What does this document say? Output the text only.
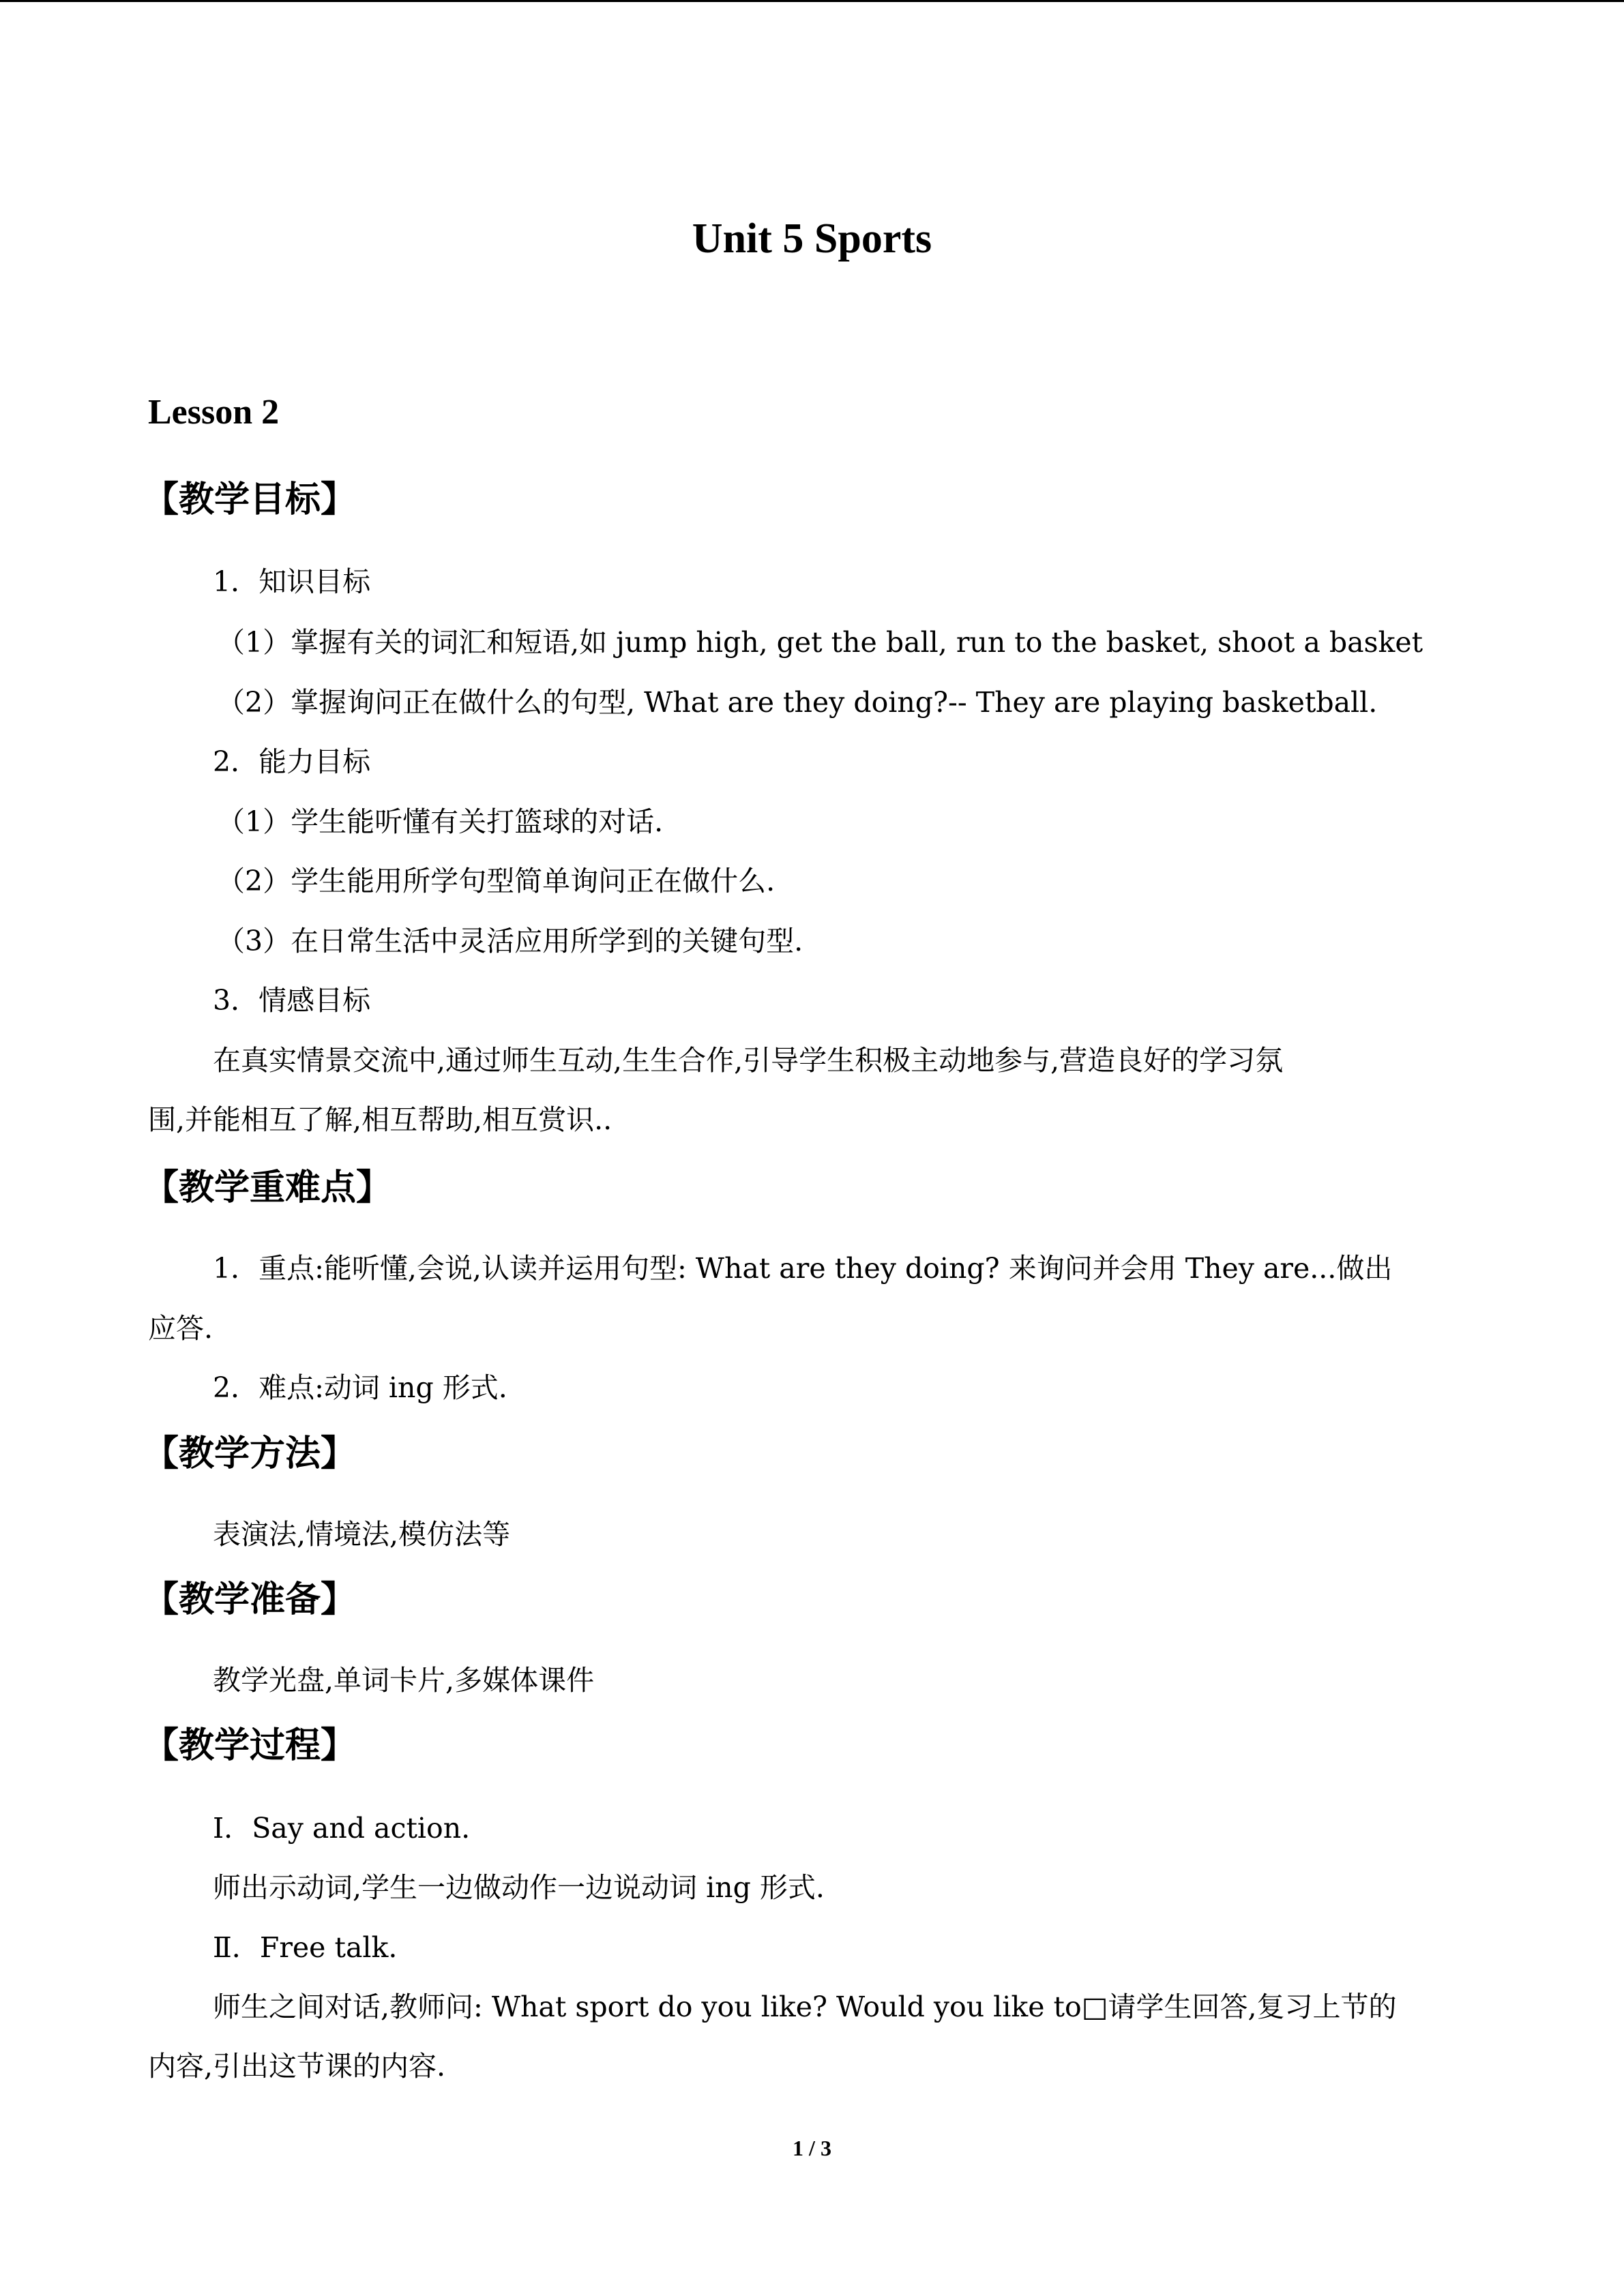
Unit 5 Sports
Lesson 2
【教学目标】
1．知识目标
（1）掌握有关的词汇和短语,如 jump high, get the ball, run to the basket, shoot a basket
（2）掌握询问正在做什么的句型, What are they doing?-- They are playing basketball.
2．能力目标
（1）学生能听懂有关打篮球的对话.
（2）学生能用所学句型简单询问正在做什么.
（3）在日常生活中灵活应用所学到的关键句型.
3．情感目标
在真实情景交流中,通过师生互动,生生合作,引导学生积极主动地参与,营造良好的学习氛
围,并能相互了解,相互帮助,相互赏识..
【教学重难点】
1．重点:能听懂,会说,认读并运用句型: What are they doing? 来询问并会用 They are...做出
应答.
2．难点:动词 ing 形式.
【教学方法】
表演法,情境法,模仿法等
【教学准备】
教学光盘,单词卡片,多媒体课件
【教学过程】
Ⅰ．Say and action.
师出示动词,学生一边做动作一边说动词 ing 形式.
Ⅱ．Free talk.
师生之间对话,教师问: What sport do you like? Would you like to□请学生回答,复习上节的
内容,引出这节课的内容.
1 / 3
